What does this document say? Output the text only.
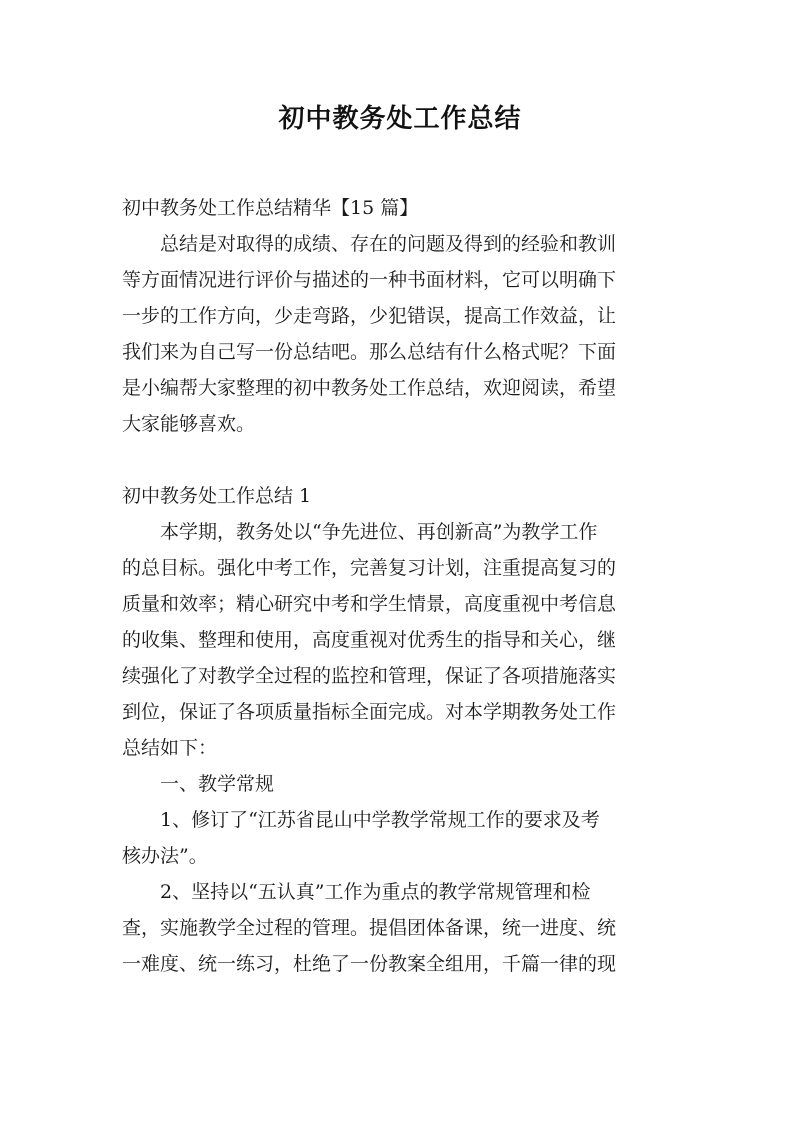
初中教务处工作总结

初中教务处工作总结精华【15 篇】

总结是对取得的成绩、存在的问题及得到的经验和教训
等方面情况进行评价与描述的一种书面材料，它可以明确下
一步的工作方向，少走弯路，少犯错误，提高工作效益，让
我们来为自己写一份总结吧。那么总结有什么格式呢？下面
是小编帮大家整理的初中教务处工作总结，欢迎阅读，希望
大家能够喜欢。

初中教务处工作总结 1

本学期，教务处以“争先进位、再创新高”为教学工作
的总目标。强化中考工作，完善复习计划，注重提高复习的
质量和效率；精心研究中考和学生情景，高度重视中考信息
的收集、整理和使用，高度重视对优秀生的指导和关心，继
续强化了对教学全过程的监控和管理，保证了各项措施落实
到位，保证了各项质量指标全面完成。对本学期教务处工作
总结如下：

一、教学常规

1、修订了“江苏省昆山中学教学常规工作的要求及考
核办法”。
2、坚持以“五认真”工作为重点的教学常规管理和检
查，实施教学全过程的管理。提倡团体备课，统一进度、统
一难度、统一练习，杜绝了一份教案全组用，千篇一律的现
